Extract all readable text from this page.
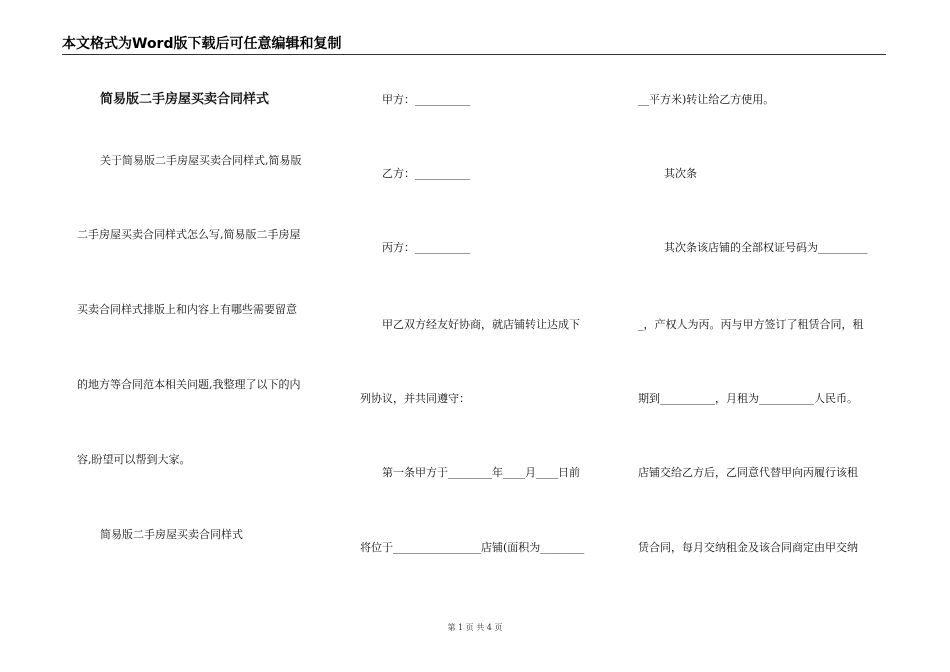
本文格式为Word版下载后可任意编辑和复制
简易版二手房屋买卖合同样式
关于简易版二手房屋买卖合同样式,简易版
二手房屋买卖合同样式怎么写,简易版二手房屋
买卖合同样式排版上和内容上有哪些需要留意
的地方等合同范本相关问题,我整理了以下的内
容,盼望可以帮到大家。
简易版二手房屋买卖合同样式
甲方：__________
乙方：__________
丙方：__________
甲乙双方经友好协商，就店铺转让达成下
列协议，并共同遵守：
第一条甲方于________年____月____日前
将位于________________店铺(面积为________
__平方米)转让给乙方使用。
其次条
其次条该店铺的全部权证号码为_________
_，产权人为丙。丙与甲方签订了租赁合同，租
期到__________，月租为__________人民币。
店铺交给乙方后，乙同意代替甲向丙履行该租
赁合同，每月交纳租金及该合同商定由甲交纳
第 1 页 共 4 页
